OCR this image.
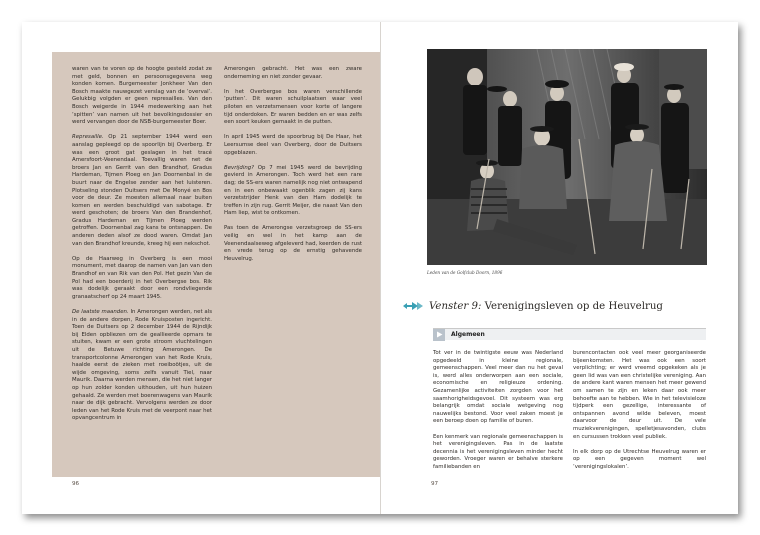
waren van te voren op de hoogte gesteld zodat ze met geld, bonnen en persoonsgegevens weg konden komen. Burgemeester Jonkheer Van den Bosch maakte nauwgezet verslag van de ‘overval’. Gelukbig volgden er geen represailles. Van den Bosch weigerde in 1944 medewerking aan het ‘spitten’ van namen uit het bevolkingsdossier en werd vervangen door de NSB-burgemeester Boer.

Represaille. Op 21 september 1944 werd een aanslag gepleegd op de spoorlijn bij Overberg. Er was een groot gat geslagen in het tracé Amersfoort-Veenendaal. Toevallig waren net de broers Jan en Gerrit van den Brandhof, Gradus Hardeman, Tijmen Ploeg en Jan Doornenbal in de buurt naar de Engelse zender aan het luisteren. Plotseling stonden Duitsers met De Monyé en Bos voor de deur. Ze moesten allemaal naar buiten komen en werden beschuldigd van sabotage. Er werd geschoten; de broers Van den Brandenhof, Gradus Hardeman en Tijmen Ploeg werden getroffen. Doornenbal zag kans te ontsnappen. De anderen deden alsof ze dood waren. Omdat Jan van den Brandhof kreunde, kreeg hij een nekschot.

Op de Haarweg in Overberg is een mooi monument, met daarop de namen van Jan van den Brandhof en van Rik van den Pol. Het gezin Van de Pol had een boerderij in het Overbergse bos. Rik was dodelijk geraakt door een rondvliegende granaatscherf op 24 maart 1945.

De laatste maanden. In Amerongen werden, net als in de andere dorpen, Rode Kruisposten ingericht. Toen de Duitsers op 2 december 1944 de Rijndijk bij Elden opbliezen om de geallieerde opmars te stuiten, kwam er een grote stroom vluchtelingen uit de Betuwe richting Amerongen. De transportcolonne Amerongen van het Rode Kruis, haalde eerst de zieken met roeiboötjes, uit de wijde omgeving, soms zelfs vanuit Tiel, naar Maurik. Daarna werden mensen, die het niet langer op hun zolder konden uithouden, uit hun huizen gehaald. Ze werden met boerenwagens van Maurik naar de dijk gebracht. Vervolgens werden ze door leden van het Rode Kruis met de veerpont naar het opvangcentrum in

Amerongen gebracht. Het was een zware onderneming en niet zonder gevaar.

In het Overbergse bos waren verschillende ‘putten’. Dit waren schuilplaatsen waar veel piloten en verzetsmensen voor korte of langere tijd onderdoken. Er waren bedden en er was zelfs een soort keuken gemaakt in de putten.

In april 1945 werd de spoorbrug bij De Haar, het Leersumse deel van Overberg, door de Duitsers opgeblazen.

Bevrijding? Op 7 mei 1945 werd de bevrijding gevierd in Amerongen. Toch werd het een rare dag; de SS-ers waren namelijk nog niet ontwapend en in een onbewaakt ogenblik zagen zij kans verzetstrijder Henk van den Ham dodelijk te treffen in zijn rug. Gerrit Meijer, die naast Van den Ham liep, wist te ontkomen.

Pas toen de Amerongse verzetsgroep de SS-ers veilig en wel in het kamp aan de Veenendaalseweg afgeleverd had, keerden de rust en vrede terug op de ernstig gehavende Heuvelrug.

96
Leden van de Golfclub Doorn, 1896
Venster 9: Verenigingsleven op de Heuvelrug
Algemeen

Tot ver in de twintigste eeuw was Nederland opgedeeld in kleine regionale, gemeenschappen. Veel meer dan nu het geval is, werd alles onderworpen aan een sociale, economische en religieuze ordening. Gezamenlijke activiteiten zorgden voor het saamhorigheidsgevoel. Dit systeem was erg belangrijk omdat sociale wetgeving nog nauwelijks bestond. Voor veel zaken moest je een beroep doen op familie of buren.

Een kenmerk van regionale gemeenschappen is het verenigingsleven. Pas in de laatste decennia is het verenigingsleven minder hecht geworden. Vroeger waren er behalve sterkere familiebanden en

burencontacten ook veel meer georganiseerde bijeenkomsten. Het was ook een soort verplichting; er werd vreemd opgekeken als je geen lid was van een christelijke vereniging. Aan de andere kant waren mensen het meer gewend om samen te zijn en leken daar ook meer behoefte aan te hebben. Wie in het televisieloze tijdperk een gezellige, interessante of ontspannen avond wilde beleven, moest daarvoor de deur uit. De vele muziekverenigingen, spelletjesavonden, clubs en cursussen trokken veel publiek.

In elk dorp op de Utrechtse Heuvelrug waren er op een gegeven moment wel ‘verenigingslokalen’.

97
